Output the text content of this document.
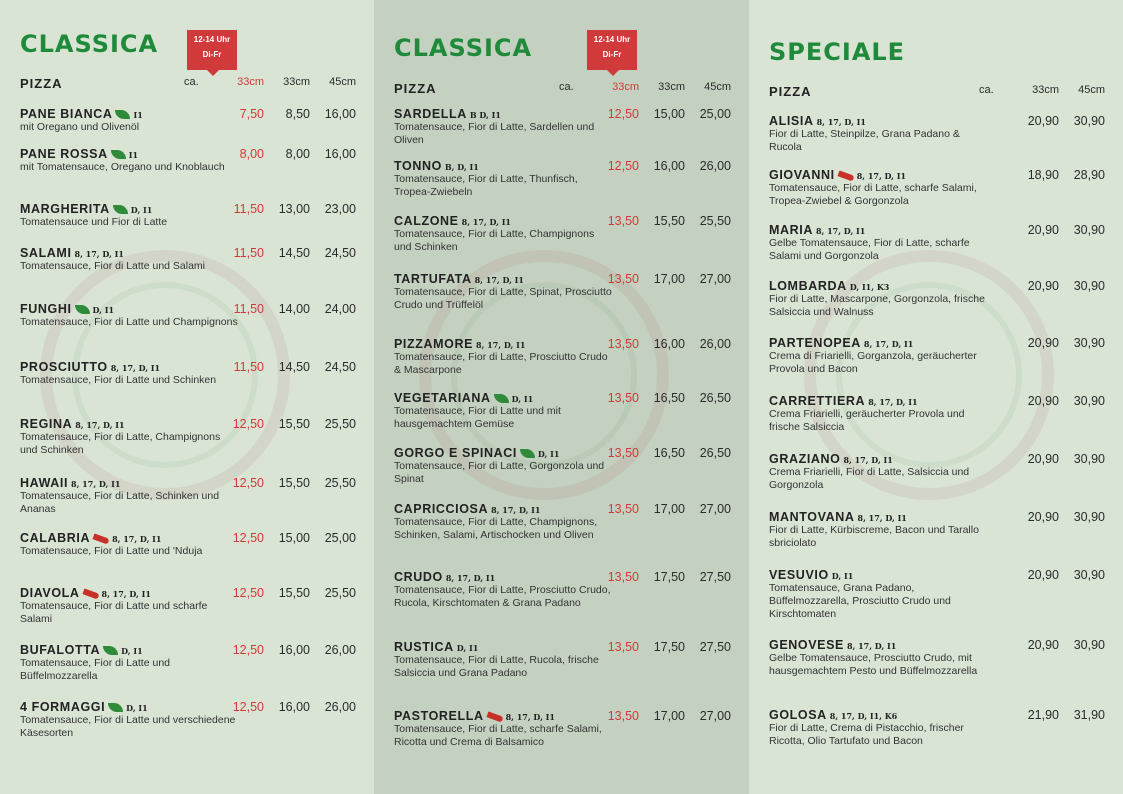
CLASSICA	12-14 Uhr
Di-Fr
PIZZA	ca.	33cm	33cm	45cm
PANE BIANCA	I1	7,50	8,50	16,00
mit Oregano und Olivenöl
PANE ROSSA	I1	8,00	8,00	16,00
mit Tomatensauce, Oregano und Knoblauch
MARGHERITA	D, I1	11,50	13,00	23,00
Tomatensauce und Fior di Latte
SALAMI 8, 17, D, I1	11,50	14,50	24,50
Tomatensauce, Fior di Latte und Salami
FUNGHI	D, I1	11,50	14,00	24,00
Tomatensauce, Fior di Latte und Champignons
PROSCIUTTO 8, 17, D, I1	11,50	14,50	24,50
Tomatensauce, Fior di Latte und Schinken
REGINA 8, 17, D, I1	12,50	15,50	25,50
Tomatensauce, Fior di Latte, Champignons und Schinken
HAWAII 8, 17, D, I1	12,50	15,50	25,50
Tomatensauce, Fior di Latte, Schinken und Ananas
CALABRIA	8, 17, D, I1	12,50	15,00	25,00
Tomatensauce, Fior di Latte und 'Nduja
DIAVOLA	8, 17, D, I1	12,50	15,50	25,50
Tomatensauce, Fior di Latte und scharfe Salami
BUFALOTTA	D, I1	12,50	16,00	26,00
Tomatensauce, Fior di Latte und Büffelmozzarella
4 FORMAGGI	D, I1	12,50	16,00	26,00
Tomatensauce, Fior di Latte und verschiedene Käsesorten
CLASSICA	12-14 Uhr
Di-Fr
PIZZA	ca.	33cm	33cm	45cm
SARDELLA B D, I1	12,50	15,00	25,00
Tomatensauce, Fior di Latte, Sardellen und Oliven
TONNO B, D, I1	12,50	16,00	26,00
Tomatensauce, Fior di Latte, Thunfisch, Tropea-Zwiebeln
CALZONE 8, 17, D, I1	13,50	15,50	25,50
Tomatensauce, Fior di Latte, Champignons und Schinken
TARTUFATA 8, 17, D, I1	13,50	17,00	27,00
Tomatensauce, Fior di Latte, Spinat, Prosciutto Crudo und Trüffelöl
PIZZAMORE 8, 17, D, I1	13,50	16,00	26,00
Tomatensauce, Fior di Latte, Prosciutto Crudo & Mascarpone
VEGETARIANA	D, I1	13,50	16,50	26,50
Tomatensauce, Fior di Latte und mit hausgemachtem Gemüse
GORGO E SPINACI	D, I1	13,50	16,50	26,50
Tomatensauce, Fior di Latte, Gorgonzola und Spinat
CAPRICCIOSA 8, 17, D, I1	13,50	17,00	27,00
Tomatensauce, Fior di Latte, Champignons, Schinken, Salami, Artischocken und Oliven
CRUDO 8, 17, D, I1	13,50	17,50	27,50
Tomatensauce, Fior di Latte, Prosciutto Crudo, Rucola, Kirschtomaten & Grana Padano
RUSTICA D, I1	13,50	17,50	27,50
Tomatensauce, Fior di Latte, Rucola, frische Salsiccia und Grana Padano
PASTORELLA	8, 17, D, I1	13,50	17,00	27,00
Tomatensauce, Fior di Latte, scharfe Salami, Ricotta und Crema di Balsamico
SPECIALE
PIZZA	ca.	33cm	45cm
ALISIA 8, 17, D, I1	20,90	30,90
Fior di Latte, Steinpilze, Grana Padano & Rucola
GIOVANNI	8, 17, D, I1	18,90	28,90
Tomatensauce, Fior di Latte, scharfe Salami, Tropea-Zwiebel & Gorgonzola
MARIA 8, 17, D, I1	20,90	30,90
Gelbe Tomatensauce, Fior di Latte, scharfe Salami und Gorgonzola
LOMBARDA D, I1, K3	20,90	30,90
Fior di Latte, Mascarpone, Gorgonzola, frische Salsiccia und Walnuss
PARTENOPEA 8, 17, D, I1	20,90	30,90
Crema di Friarielli, Gorganzola, geräucherter Provola und Bacon
CARRETTIERA 8, 17, D, I1	20,90	30,90
Crema Friarielli, geräucherter Provola und frische Salsiccia
GRAZIANO 8, 17, D, I1	20,90	30,90
Crema Friarielli, Fior di Latte, Salsiccia und Gorgonzola
MANTOVANA 8, 17, D, I1	20,90	30,90
Fior di Latte, Kürbiscreme, Bacon und Tarallo sbriciolato
VESUVIO D, I1	20,90	30,90
Tomatensauce, Grana Padano, Büffelmozzarella, Prosciutto Crudo und Kirschtomaten
GENOVESE 8, 17, D, I1	20,90	30,90
Gelbe Tomatensauce, Prosciutto Crudo, mit hausgemachtem Pesto und Büffelmozzarella
GOLOSA 8, 17, D, I1, K6	21,90	31,90
Fior di Latte, Crema di Pistacchio, frischer Ricotta, Olio Tartufato und Bacon
